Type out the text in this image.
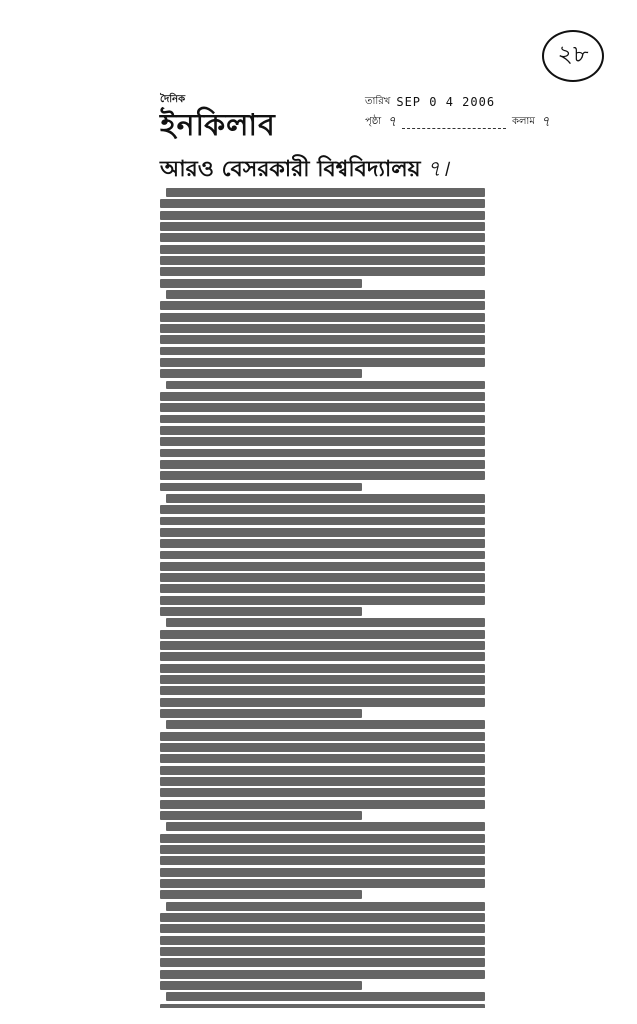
২৮
দৈনিক
ইনকিলাব
তারিখ SEP 0 4 2006
পৃষ্ঠা ৭	কলাম ৭
আরও বেসরকারী বিশ্ববিদ্যালয় ৭।
